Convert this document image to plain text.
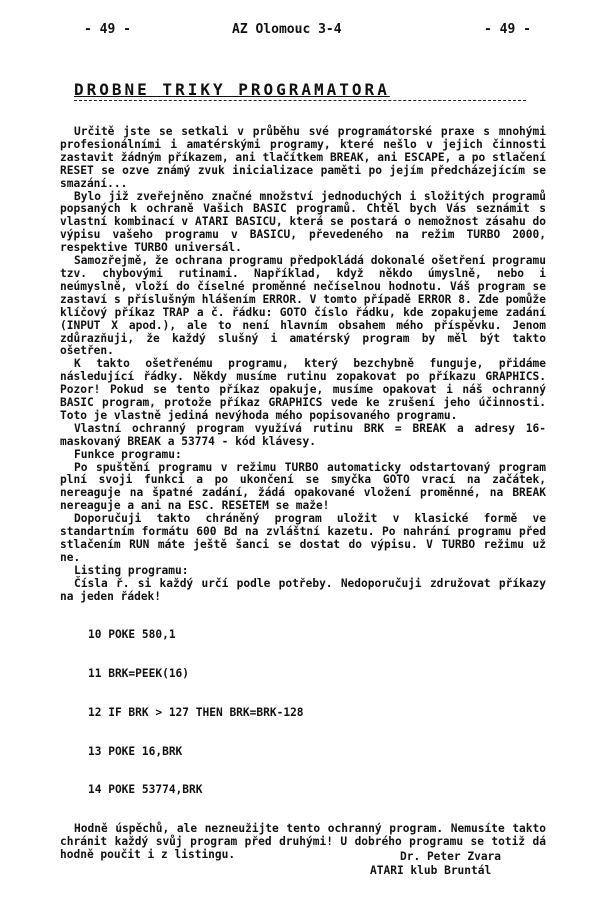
- 49 -	AZ Olomouc 3-4	- 49 -
DROBNE TRIKY PROGRAMATORA

Určitě jste se setkali v průběhu své programátorské praxe s mnohými profesionálními i amatérskými programy, které nešlo v jejich činnosti zastavit žádným příkazem, ani tlačítkem BREAK, ani ESCAPE, a po stlačení RESET se ozve známý zvuk inicializace paměti po jejím předcházejícím se smazání...

Bylo již zveřejněno značné množství jednoduchých i složitých programů popsaných k ochraně Vašich BASIC programů. Chtěl bych Vás seznámit s vlastní kombinací v ATARI BASICU, která se postará o nemožnost zásahu do výpisu vašeho programu v BASICU, převedeného na režim TURBO 2000, respektive TURBO universál.

Samozřejmě, že ochrana programu předpokládá dokonalé ošetření programu tzv. chybovými rutinami. Například, když někdo úmyslně, nebo i neúmyslně, vloží do číselné proměnné nečíselnou hodnotu. Váš program se zastaví s příslušným hlášením ERROR. V tomto případě ERROR 8. Zde pomůže klíčový příkaz TRAP a č. řádku: GOTO číslo řádku, kde zopakujeme zadání (INPUT X apod.), ale to není hlavním obsahem mého příspěvku. Jenom zdůrazňuji, že každý slušný i amatérský program by měl být takto ošetřen.

K takto ošetřenému programu, který bezchybně funguje, přidáme následující řádky. Někdy musíme rutinu zopakovat po příkazu GRAPHICS. Pozor! Pokud se tento příkaz opakuje, musíme opakovat i náš ochranný BASIC program, protože příkaz GRAPHICS vede ke zrušení jeho účinnosti. Toto je vlastně jediná nevýhoda mého popisovaného programu.

Vlastní ochranný program využívá rutinu BRK = BREAK a adresy 16-maskovaný BREAK a 53774 - kód klávesy.

Funkce programu:

Po spuštění programu v režimu TURBO automaticky odstartovaný program plní svoji funkci a po ukončení se smyčka GOTO vrací na začátek, nereaguje na špatné zadání, žádá opakované vložení proměnné, na BREAK nereaguje a ani na ESC. RESETEM se maže!

Doporučuji takto chráněný program uložit v klasické formě ve standartním formátu 600 Bd na zvláštní kazetu. Po nahrání programu před stlačením RUN máte ještě šanci se dostat do výpisu. V TURBO režimu už ne.

Listing programu:

Čísla ř. si každý určí podle potřeby. Nedoporučuji združovat příkazy na jeden řádek!

10 POKE 580,1

11 BRK=PEEK(16)

12 IF BRK > 127 THEN BRK=BRK-128

13 POKE 16,BRK

14 POKE 53774,BRK

Hodně úspěchů, ale nezneužijte tento ochranný program. Nemusíte takto chránit každý svůj program před druhými! U dobrého programu se totiž dá hodně poučit i z listingu.	Dr. Peter Zvara
ATARI klub Bruntál
